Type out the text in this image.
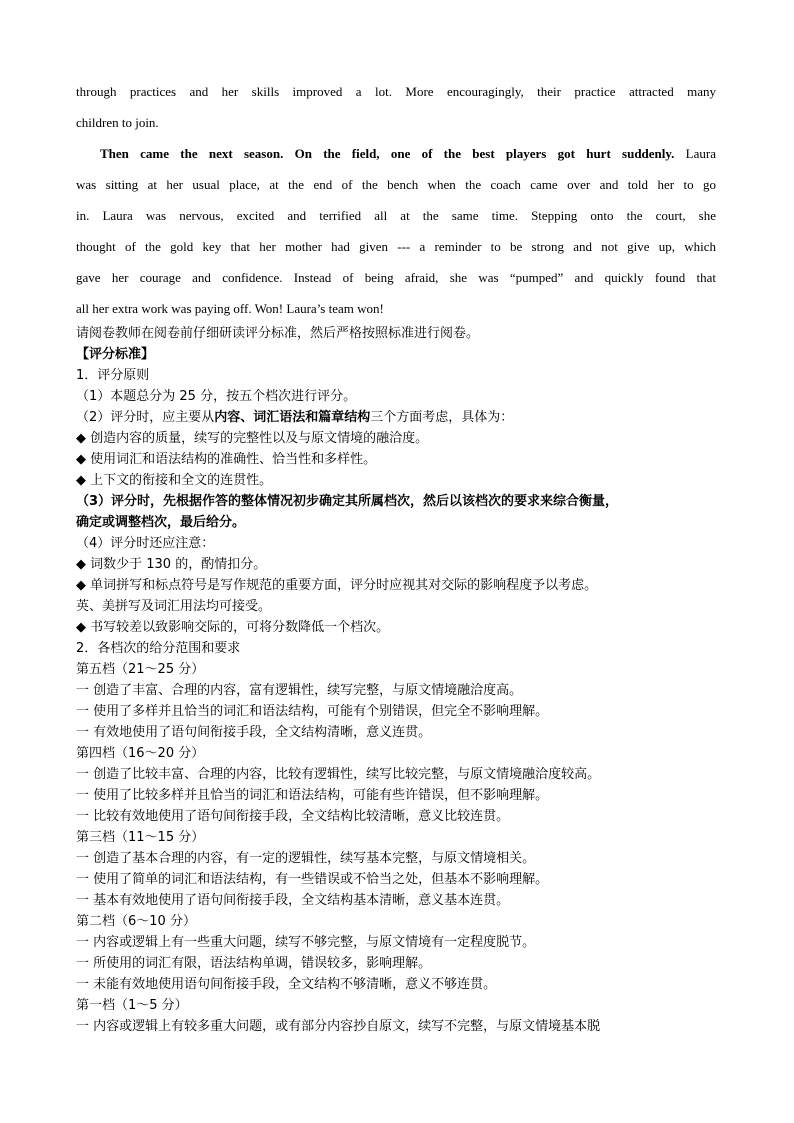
through practices and her skills improved a lot. More encouragingly, their practice attracted many
children to join.
Then came the next season. On the field, one of the best players got hurt suddenly. Laura
was sitting at her usual place, at the end of the bench when the coach came over and told her to go
in. Laura was nervous, excited and terrified all at the same time. Stepping onto the court, she
thought of the gold key that her mother had given --- a reminder to be strong and not give up, which
gave her courage and confidence. Instead of being afraid, she was “pumped” and quickly found that
all her extra work was paying off. Won! Laura’s team won!
请阅卷教师在阅卷前仔细研读评分标准，然后严格按照标准进行阅卷。
【评分标准】
1．评分原则
（1）本题总分为 25 分，按五个档次进行评分。
（2）评分时，应主要从内容、词汇语法和篇章结构三个方面考虑，具体为：
◆ 创造内容的质量，续写的完整性以及与原文情境的融洽度。
◆ 使用词汇和语法结构的准确性、恰当性和多样性。
◆ 上下文的衔接和全文的连贯性。
（3）评分时，先根据作答的整体情况初步确定其所属档次，然后以该档次的要求来综合衡量，
确定或调整档次，最后给分。
（4）评分时还应注意：
◆ 词数少于 130 的，酌情扣分。
◆ 单词拼写和标点符号是写作规范的重要方面，评分时应视其对交际的影响程度予以考虑。
英、美拼写及词汇用法均可接受。
◆ 书写较差以致影响交际的，可将分数降低一个档次。
2．各档次的给分范围和要求
第五档（21～25 分）
一 创造了丰富、合理的内容，富有逻辑性，续写完整，与原文情境融洽度高。
一 使用了多样并且恰当的词汇和语法结构，可能有个别错误，但完全不影响理解。
一 有效地使用了语句间衔接手段，全文结构清晰，意义连贯。
第四档（16～20 分）
一 创造了比较丰富、合理的内容，比较有逻辑性，续写比较完整，与原文情境融洽度较高。
一 使用了比较多样并且恰当的词汇和语法结构，可能有些许错误，但不影响理解。
一 比较有效地使用了语句间衔接手段，全文结构比较清晰，意义比较连贯。
第三档（11～15 分）
一 创造了基本合理的内容，有一定的逻辑性，续写基本完整，与原文情境相关。
一 使用了简单的词汇和语法结构，有一些错误或不恰当之处，但基本不影响理解。
一 基本有效地使用了语句间衔接手段，全文结构基本清晰，意义基本连贯。
第二档（6～10 分）
一 内容或逻辑上有一些重大问题，续写不够完整，与原文情境有一定程度脱节。
一 所使用的词汇有限，语法结构单调，错误较多，影响理解。
一 未能有效地使用语句间衔接手段，全文结构不够清晰，意义不够连贯。
第一档（1～5 分）
一 内容或逻辑上有较多重大问题，或有部分内容抄自原文，续写不完整，与原文情境基本脱
